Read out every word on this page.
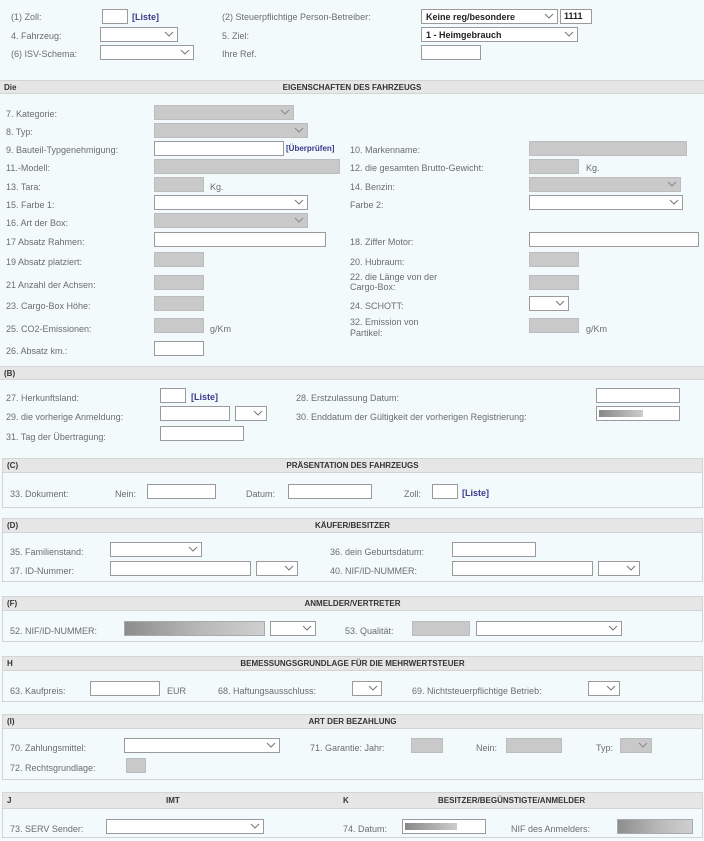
(1) Zoll:	[Liste]	(2) Steuerpflichtige Person-Betreiber:	Keine reg/besondere	1111
4. Fahrzeug:	5. Ziel:	1 - Heimgebrauch
(6) ISV-Schema:	Ihre Ref.
Die	EIGENSCHAFTEN DES FAHRZEUGS
7. Kategorie:
8. Typ:
9. Bauteil-Typgenehmigung:	[Überprüfen] 10. Markenname:
11.-Modell:	12. die gesamten Brutto-Gewicht:	Kg.
13. Tara:	Kg.	14. Benzin:
15. Farbe 1:	Farbe 2:
16. Art der Box:
17 Absatz Rahmen:	18. Ziffer Motor:
19 Absatz platziert:	20. Hubraum:
21 Anzahl der Achsen:
22. die Länge von der
Cargo-Box:
23. Cargo-Box Höhe:	24. SCHOTT:
25. CO2-Emissionen:	g/Km
32. Emission von
Partikel:	g/Km
26. Absatz km.:
(B)
27. Herkunftsland:	[Liste]	28. Erstzulassung Datum:
29. die vorherige Anmeldung:	30. Enddatum der Gültigkeit der vorherigen Registrierung:
31. Tag der Übertragung:
(C)	PRÄSENTATION DES FAHRZEUGS
33. Dokument:	Nein:	Datum:	Zoll:	[Liste]
(D)	KÄUFER/BESITZER
35. Familienstand:	36. dein Geburtsdatum:
37. ID-Nummer:	40. NIF/ID-NUMMER:
(F)	ANMELDER/VERTRETER
52. NIF/ID-NUMMER:	53. Qualität:
H	BEMESSUNGSGRUNDLAGE FÜR DIE MEHRWERTSTEUER
63. Kaufpreis:	EUR	68. Haftungsausschluss:	69. Nichtsteuerpflichtige Betrieb:
(I)	ART DER BEZAHLUNG
70. Zahlungsmittel:	71. Garantie: Jahr:	Nein:	Typ:
72. Rechtsgrundlage:
J	IMT	K	BESITZER/BEGÜNSTIGTE/ANMELDER
73. SERV Sender:	74. Datum:	NIF des Anmelders:
